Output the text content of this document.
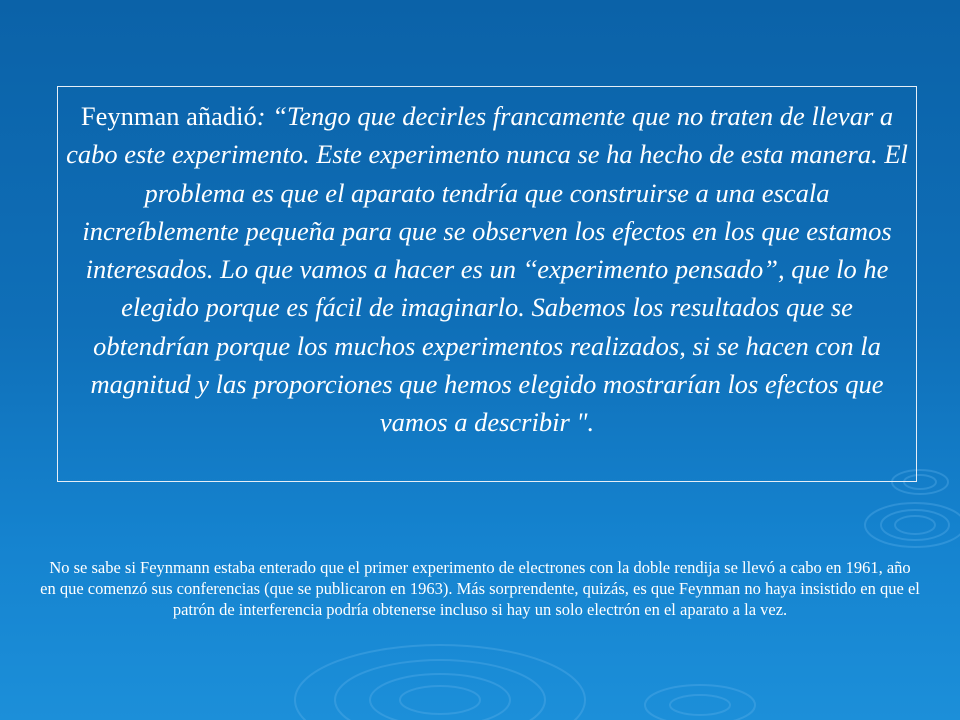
Feynman añadió: “Tengo que decirles francamente que no traten de llevar a cabo este experimento. Este experimento nunca se ha hecho de esta manera. El problema es que el aparato tendría que construirse a una escala increíblemente pequeña para que se observen los efectos en los que estamos interesados. Lo que vamos a hacer es un ‘‘experimento pensado”, que lo he elegido porque es fácil de imaginarlo. Sabemos los resultados que se obtendrían porque los muchos experimentos realizados, si se hacen con la magnitud y las proporciones que hemos elegido mostrarían los efectos que vamos a describir ".
No se sabe si Feynmann estaba enterado que el primer experimento de electrones con la doble rendija se llevó a cabo en 1961, año en que comenzó sus conferencias (que se publicaron en 1963). Más sorprendente, quizás, es que Feynman no haya insistido en que el patrón de interferencia podría obtenerse incluso si hay un solo electrón en el aparato a la vez.
